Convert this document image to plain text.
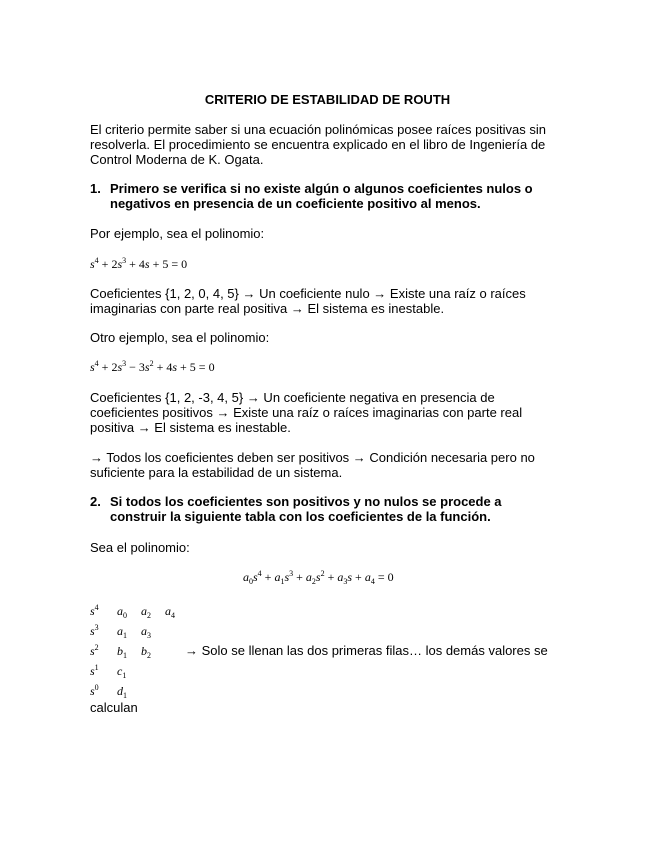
CRITERIO DE ESTABILIDAD DE ROUTH
El criterio permite saber si una ecuación polinómicas posee raíces positivas sin resolverla. El procedimiento se encuentra explicado en el libro de Ingeniería de Control Moderna de K. Ogata.
1. Primero se verifica si no existe algún o algunos coeficientes nulos o negativos en presencia de un coeficiente positivo al menos.
Por ejemplo, sea el polinomio:
$s^4 + 2s^3 + 4s + 5 = 0$
Coeficientes {1, 2, 0, 4, 5} → Un coeficiente nulo → Existe una raíz o raíces imaginarias con parte real positiva → El sistema es inestable.
Otro ejemplo, sea el polinomio:
$s^4 + 2s^3 - 3s^2 + 4s + 5 = 0$
Coeficientes {1, 2, -3, 4, 5} → Un coeficiente negativa en presencia de coeficientes positivos → Existe una raíz o raíces imaginarias con parte real positiva → El sistema es inestable.
→ Todos los coeficientes deben ser positivos → Condición necesaria pero no suficiente para la estabilidad de un sistema.
2. Si todos los coeficientes son positivos y no nulos se procede a construir la siguiente tabla con los coeficientes de la función.
Sea el polinomio:
$a_0s^4 + a_1s^3 + a_2s^2 + a_3s + a_4 = 0$
$s^4$ $a_0$ $a_2$ $a_4$
$s^3$ $a_1$ $a_3$
$s^2$ $b_1$ $b_2$
$s^1$ $c_1$
$s^0$ $d_1$
→ Solo se llenan las dos primeras filas… los demás valores se
calculan
